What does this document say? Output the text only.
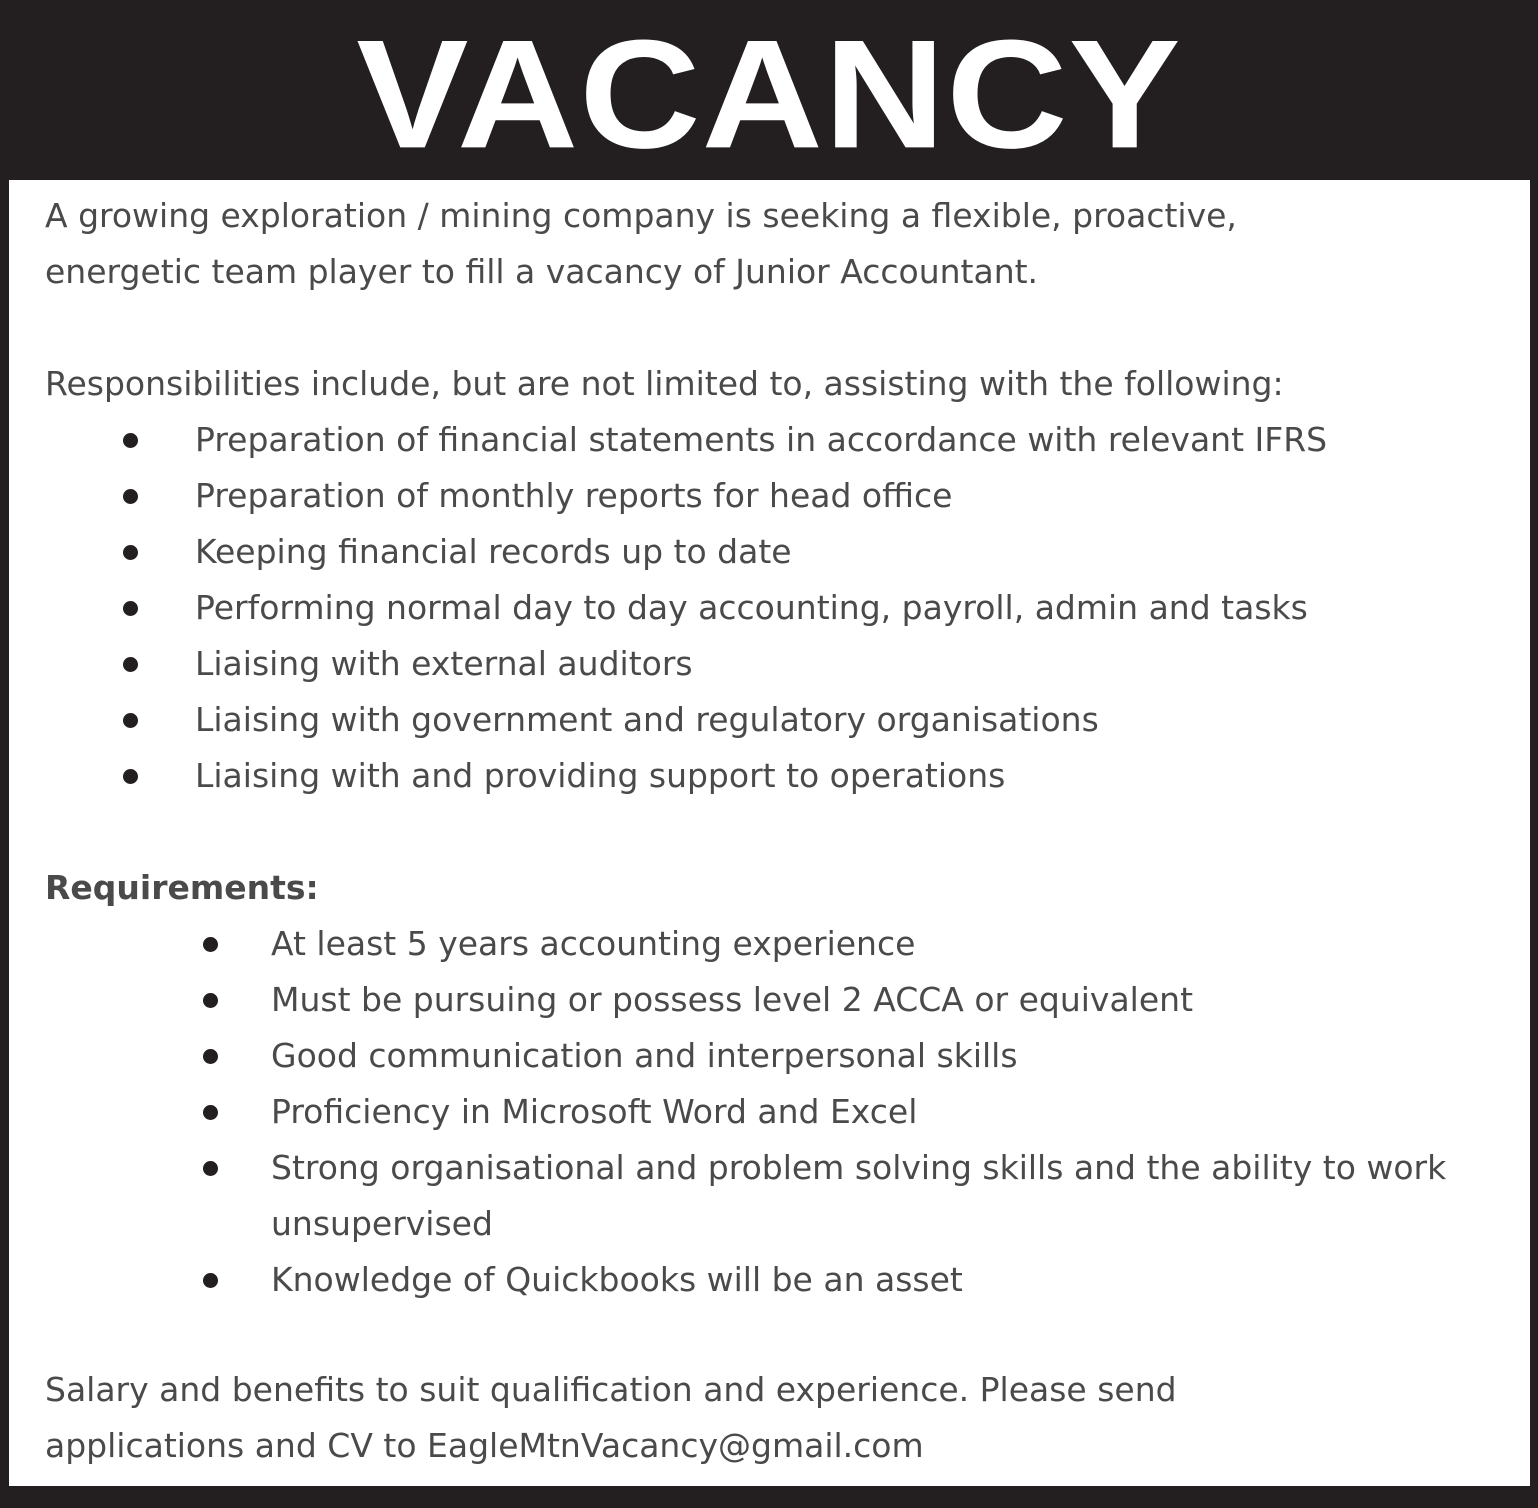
VACANCY
A growing exploration / mining company is seeking a flexible, proactive,
energetic team player to fill a vacancy of Junior Accountant.
Responsibilities include, but are not limited to, assisting with the following:
Preparation of financial statements in accordance with relevant IFRS
Preparation of monthly reports for head office
Keeping financial records up to date
Performing normal day to day accounting, payroll, admin and tasks
Liaising with external auditors
Liaising with government and regulatory organisations
Liaising with and providing support to operations
Requirements:
At least 5 years accounting experience
Must be pursuing or possess level 2 ACCA or equivalent
Good communication and interpersonal skills
Proficiency in Microsoft Word and Excel
Strong organisational and problem solving skills and the ability to work unsupervised
Knowledge of Quickbooks will be an asset
Salary and benefits to suit qualification and experience. Please send
applications and CV to EagleMtnVacancy@gmail.com
